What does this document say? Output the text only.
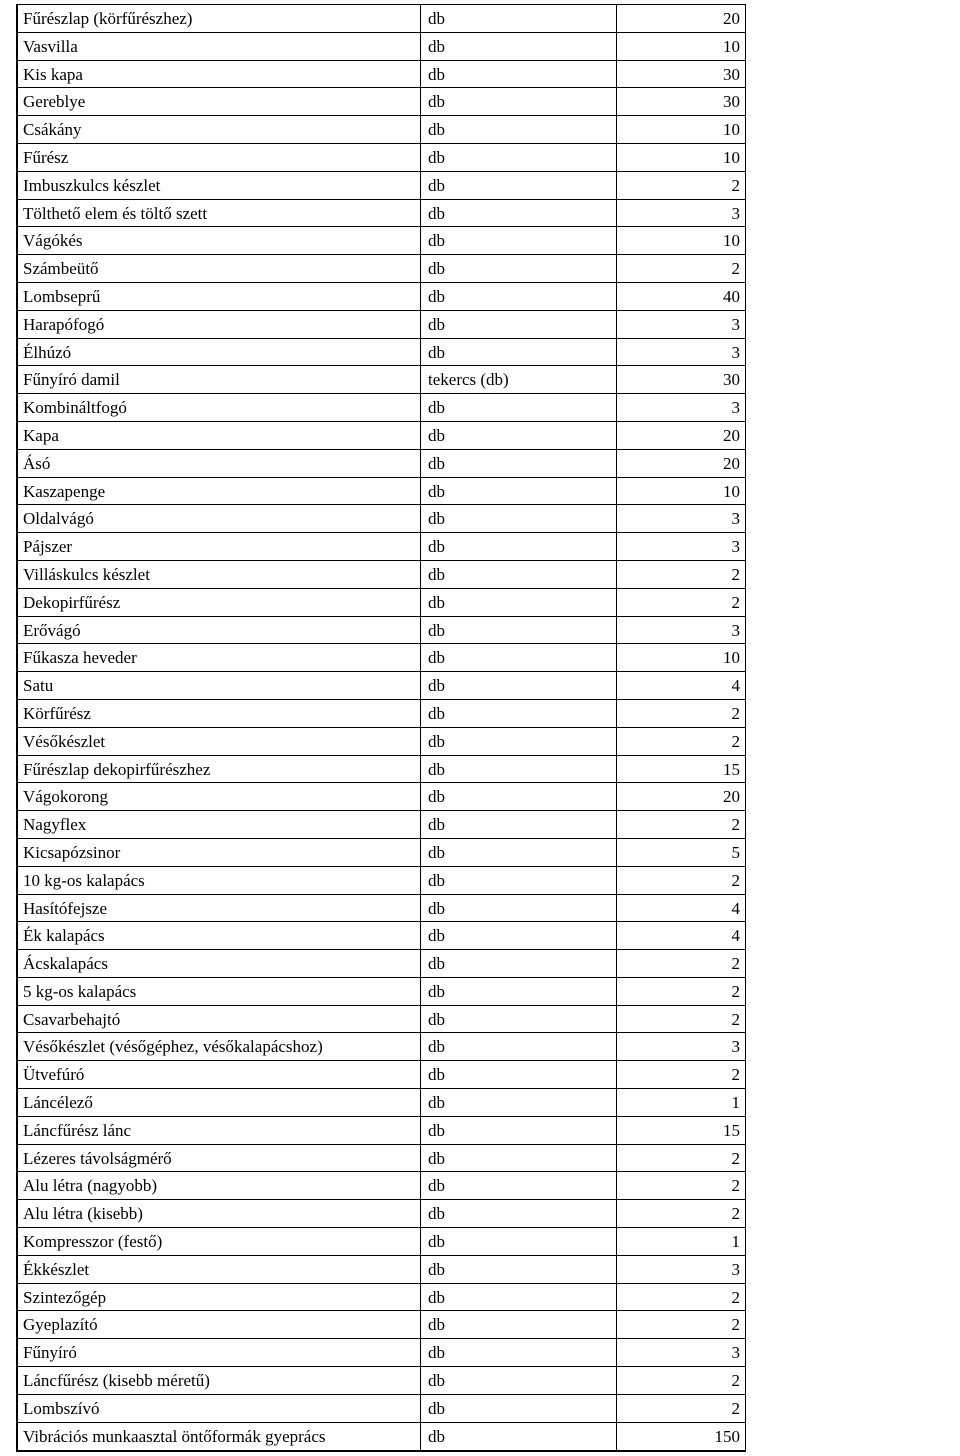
Fűrészlap (körfűrészhez)	db	20
Vasvilla	db	10
Kis kapa	db	30
Gereblye	db	30
Csákány	db	10
Fűrész	db	10
Imbuszkulcs készlet	db	2
Tölthető elem és töltő szett	db	3
Vágókés	db	10
Számbeütő	db	2
Lombseprű	db	40
Harapófogó	db	3
Élhúzó	db	3
Fűnyíró damil	tekercs (db)	30
Kombináltfogó	db	3
Kapa	db	20
Ásó	db	20
Kaszapenge	db	10
Oldalvágó	db	3
Pájszer	db	3
Villáskulcs készlet	db	2
Dekopirfűrész	db	2
Erővágó	db	3
Fűkasza heveder	db	10
Satu	db	4
Körfűrész	db	2
Vésőkészlet	db	2
Fűrészlap dekopirfűrészhez	db	15
Vágokorong	db	20
Nagyflex	db	2
Kicsapózsinor	db	5
10 kg-os kalapács	db	2
Hasítófejsze	db	4
Ék kalapács	db	4
Ácskalapács	db	2
5 kg-os kalapács	db	2
Csavarbehajtó	db	2
Vésőkészlet (vésőgéphez, vésőkalapácshoz)	db	3
Ütvefúró	db	2
Láncélező	db	1
Láncfűrész lánc	db	15
Lézeres távolságmérő	db	2
Alu létra (nagyobb)	db	2
Alu létra (kisebb)	db	2
Kompresszor (festő)	db	1
Ékkészlet	db	3
Szintezőgép	db	2
Gyeplazító	db	2
Fűnyíró	db	3
Láncfűrész (kisebb méretű)	db	2
Lombszívó	db	2
Vibrációs munkaasztal öntőformák gyeprács	db	150
